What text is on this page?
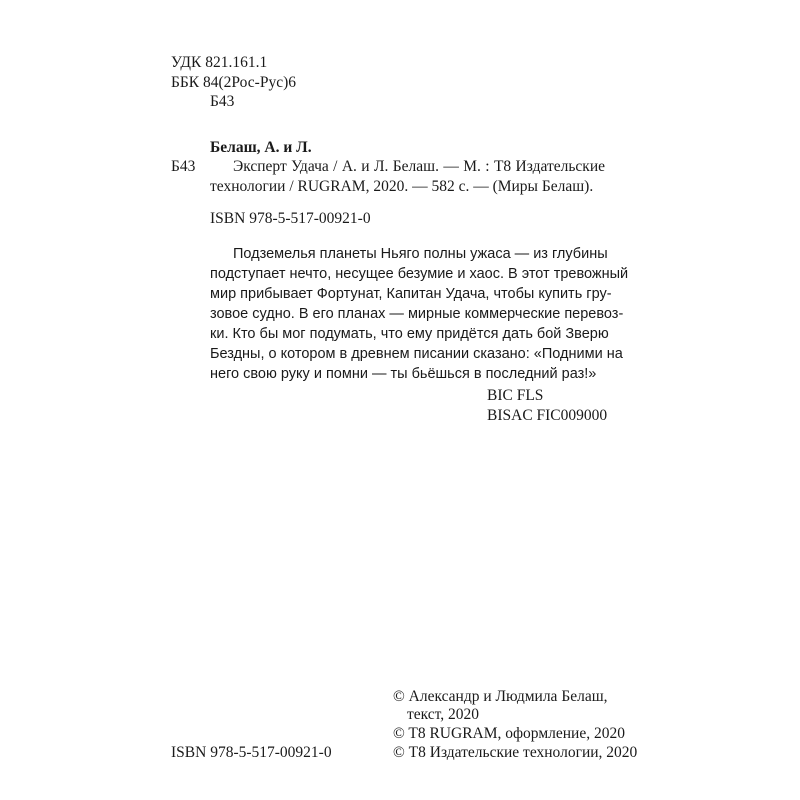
УДК 821.161.1
ББК 84(2Рос-Рус)6
Б43
Белаш, А. и Л.
Б43 Эксперт Удача / А. и Л. Белаш. — М. : Т8 Издательские
технологии / RUGRAM, 2020. — 582 с. — (Миры Белаш).
ISBN 978-5-517-00921-0
Подземелья планеты Ньяго полны ужаса — из глубины
подступает нечто, несущее безумие и хаос. В этот тревожный
мир прибывает Фортунат, Капитан Удача, чтобы купить гру-
зовое судно. В его планах — мирные коммерческие перевоз-
ки. Кто бы мог подумать, что ему придётся дать бой Зверю
Бездны, о котором в древнем писании сказано: «Подними на
него свою руку и помни — ты бьёшься в последний раз!»
BIC FLS
BISAC FIC009000
© Александр и Людмила Белаш,
текст, 2020
© T8 RUGRAM, оформление, 2020
© Т8 Издательские технологии, 2020
ISBN 978-5-517-00921-0
